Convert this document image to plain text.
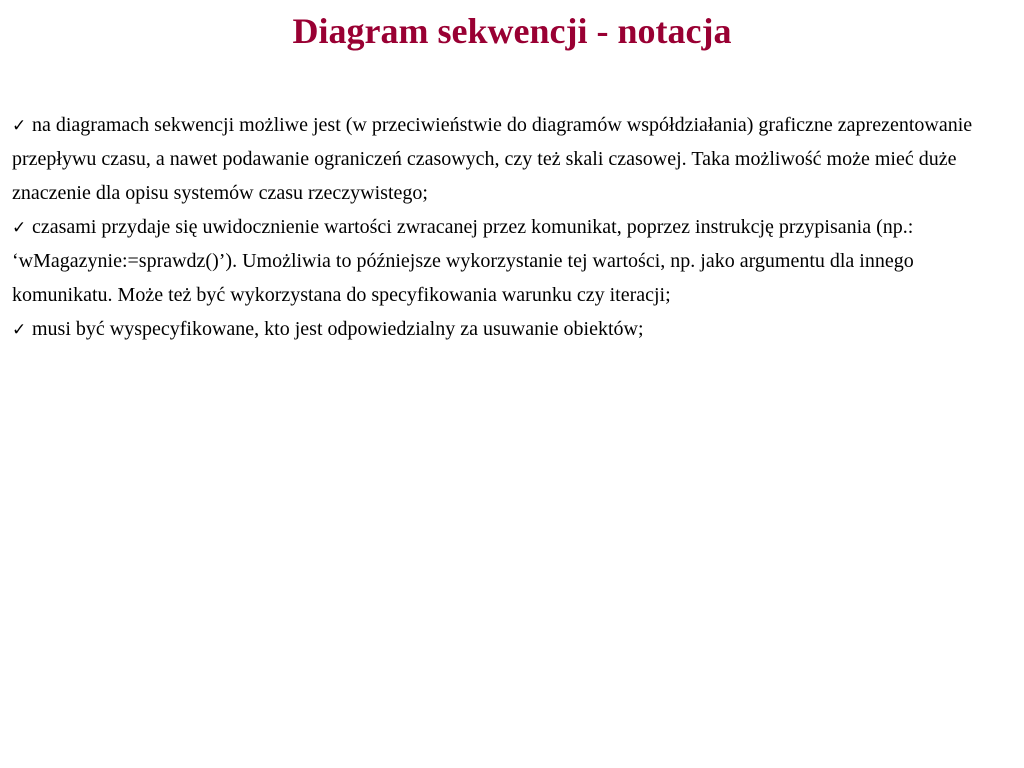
Diagram sekwencji - notacja

✓ na diagramach sekwencji możliwe jest (w przeciwieństwie do diagramów współdziałania) graficzne zaprezentowanie przepływu czasu, a nawet podawanie ograniczeń czasowych, czy też skali czasowej. Taka możliwość może mieć duże znaczenie dla opisu systemów czasu rzeczywistego;

✓ czasami przydaje się uwidocznienie wartości zwracanej przez komunikat, poprzez instrukcję przypisania (np.: ‘wMagazynie:=sprawdz()’). Umożliwia to późniejsze wykorzystanie tej wartości, np. jako argumentu dla innego komunikatu. Może też być wykorzystana do specyfikowania warunku czy iteracji;

✓ musi być wyspecyfikowane, kto jest odpowiedzialny za usuwanie obiektów;
